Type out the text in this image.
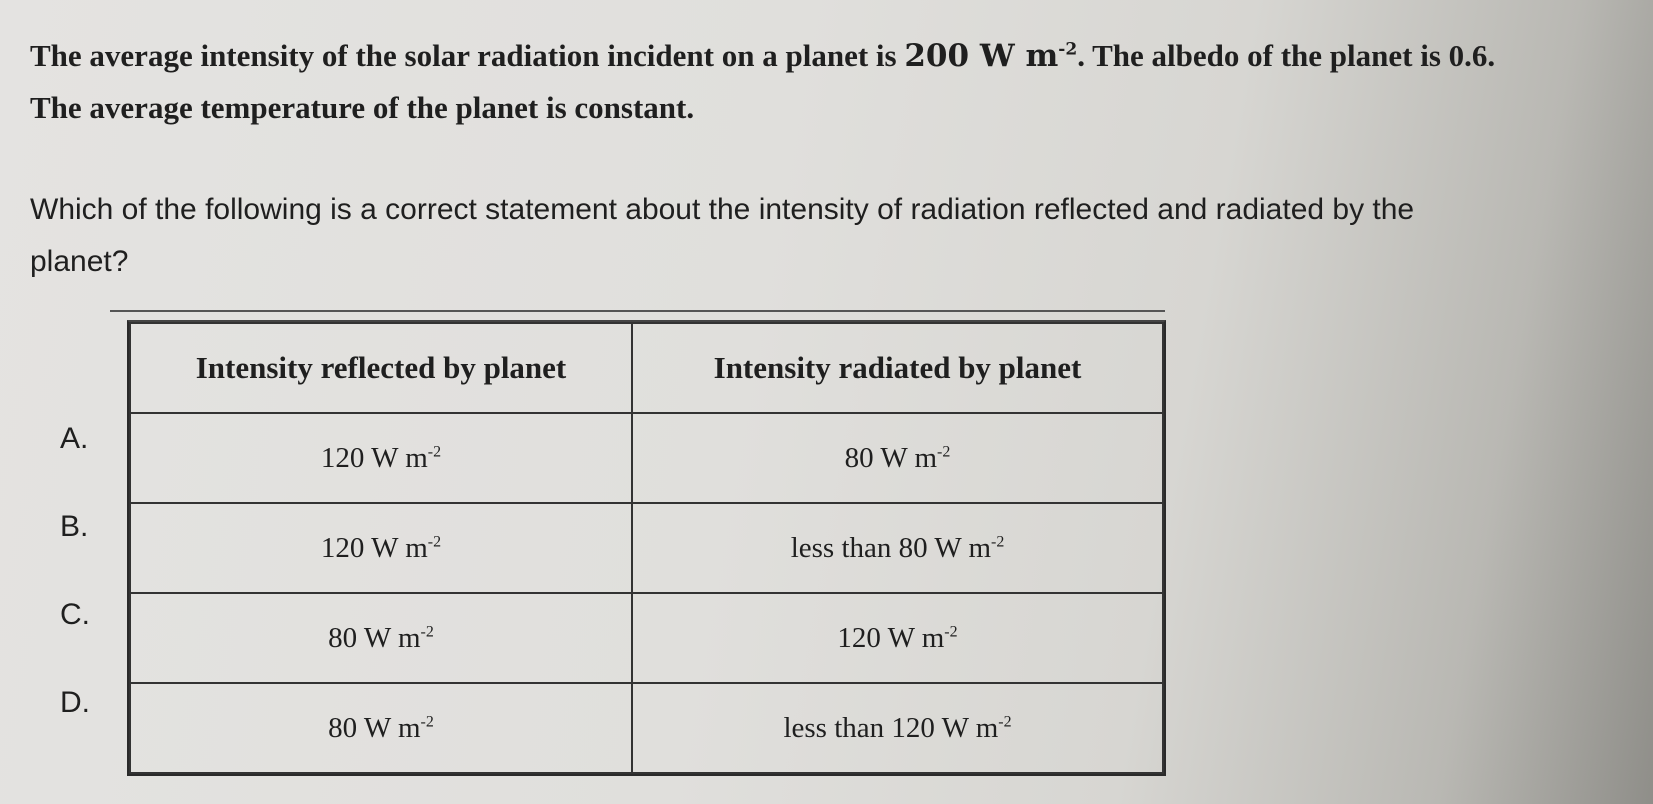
The average intensity of the solar radiation incident on a planet is 200 W $m^{-2}$. The albedo of the planet is 0.6. The average temperature of the planet is constant.

Which of the following is a correct statement about the intensity of radiation reflected and radiated by the planet?

A.
B.
C.
D.
Intensity reflected by planet	Intensity radiated by planet
120 W $m^{-2}$	80 W $m^{-2}$
120 W $m^{-2}$	less than 80 W $m^{-2}$
80 W $m^{-2}$	120 W $m^{-2}$
80 W $m^{-2}$	less than 120 W $m^{-2}$
